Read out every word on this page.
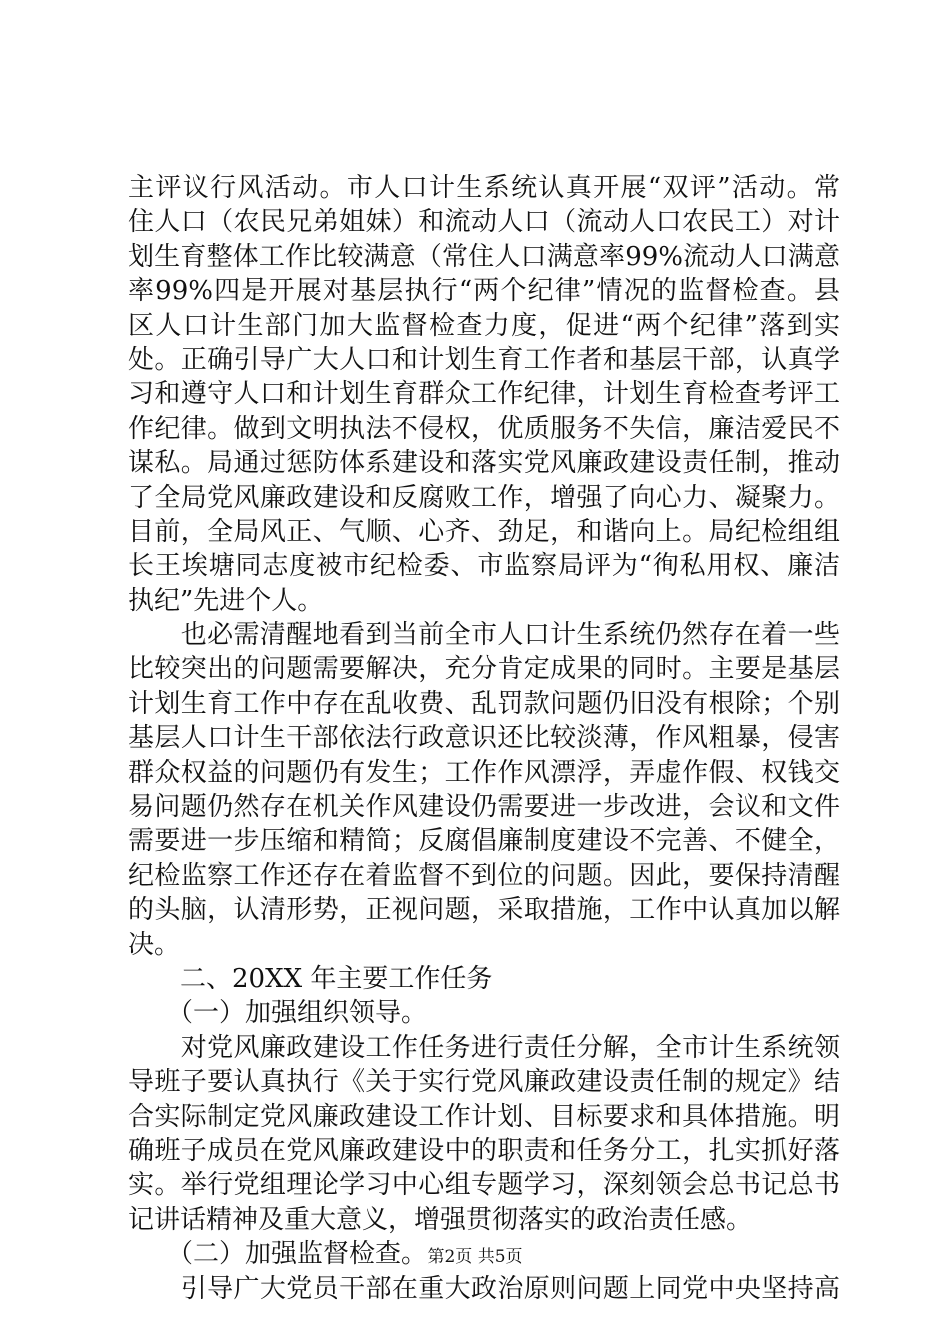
主评议行风活动。市人口计生系统认真开展“双评”活动。常
住人口（农民兄弟姐妹）和流动人口（流动人口农民工）对计
划生育整体工作比较满意（常住人口满意率99%流动人口满意
率99%四是开展对基层执行“两个纪律”情况的监督检查。县
区人口计生部门加大监督检查力度，促进“两个纪律”落到实
处。正确引导广大人口和计划生育工作者和基层干部，认真学
习和遵守人口和计划生育群众工作纪律，计划生育检查考评工
作纪律。做到文明执法不侵权，优质服务不失信，廉洁爱民不
谋私。局通过惩防体系建设和落实党风廉政建设责任制，推动
了全局党风廉政建设和反腐败工作，增强了向心力、凝聚力。
目前，全局风正、气顺、心齐、劲足，和谐向上。局纪检组组
长王埃塘同志度被市纪检委、市监察局评为“徇私用权、廉洁
执纪”先进个人。
　　也必需清醒地看到当前全市人口计生系统仍然存在着一些
比较突出的问题需要解决，充分肯定成果的同时。主要是基层
计划生育工作中存在乱收费、乱罚款问题仍旧没有根除；个别
基层人口计生干部依法行政意识还比较淡薄，作风粗暴，侵害
群众权益的问题仍有发生；工作作风漂浮，弄虚作假、权钱交
易问题仍然存在机关作风建设仍需要进一步改进，会议和文件
需要进一步压缩和精简；反腐倡廉制度建设不完善、不健全，
纪检监察工作还存在着监督不到位的问题。因此，要保持清醒
的头脑，认清形势，正视问题，采取措施，工作中认真加以解
决。
　　二、20XX 年主要工作任务
　　（一）加强组织领导。
　　对党风廉政建设工作任务进行责任分解，全市计生系统领
导班子要认真执行《关于实行党风廉政建设责任制的规定》结
合实际制定党风廉政建设工作计划、目标要求和具体措施。明
确班子成员在党风廉政建设中的职责和任务分工，扎实抓好落
实。举行党组理论学习中心组专题学习，深刻领会总书记总书
记讲话精神及重大意义，增强贯彻落实的政治责任感。
　　（二）加强监督检查。
　　引导广大党员干部在重大政治原则问题上同党中央坚持高
第2页 共5页
